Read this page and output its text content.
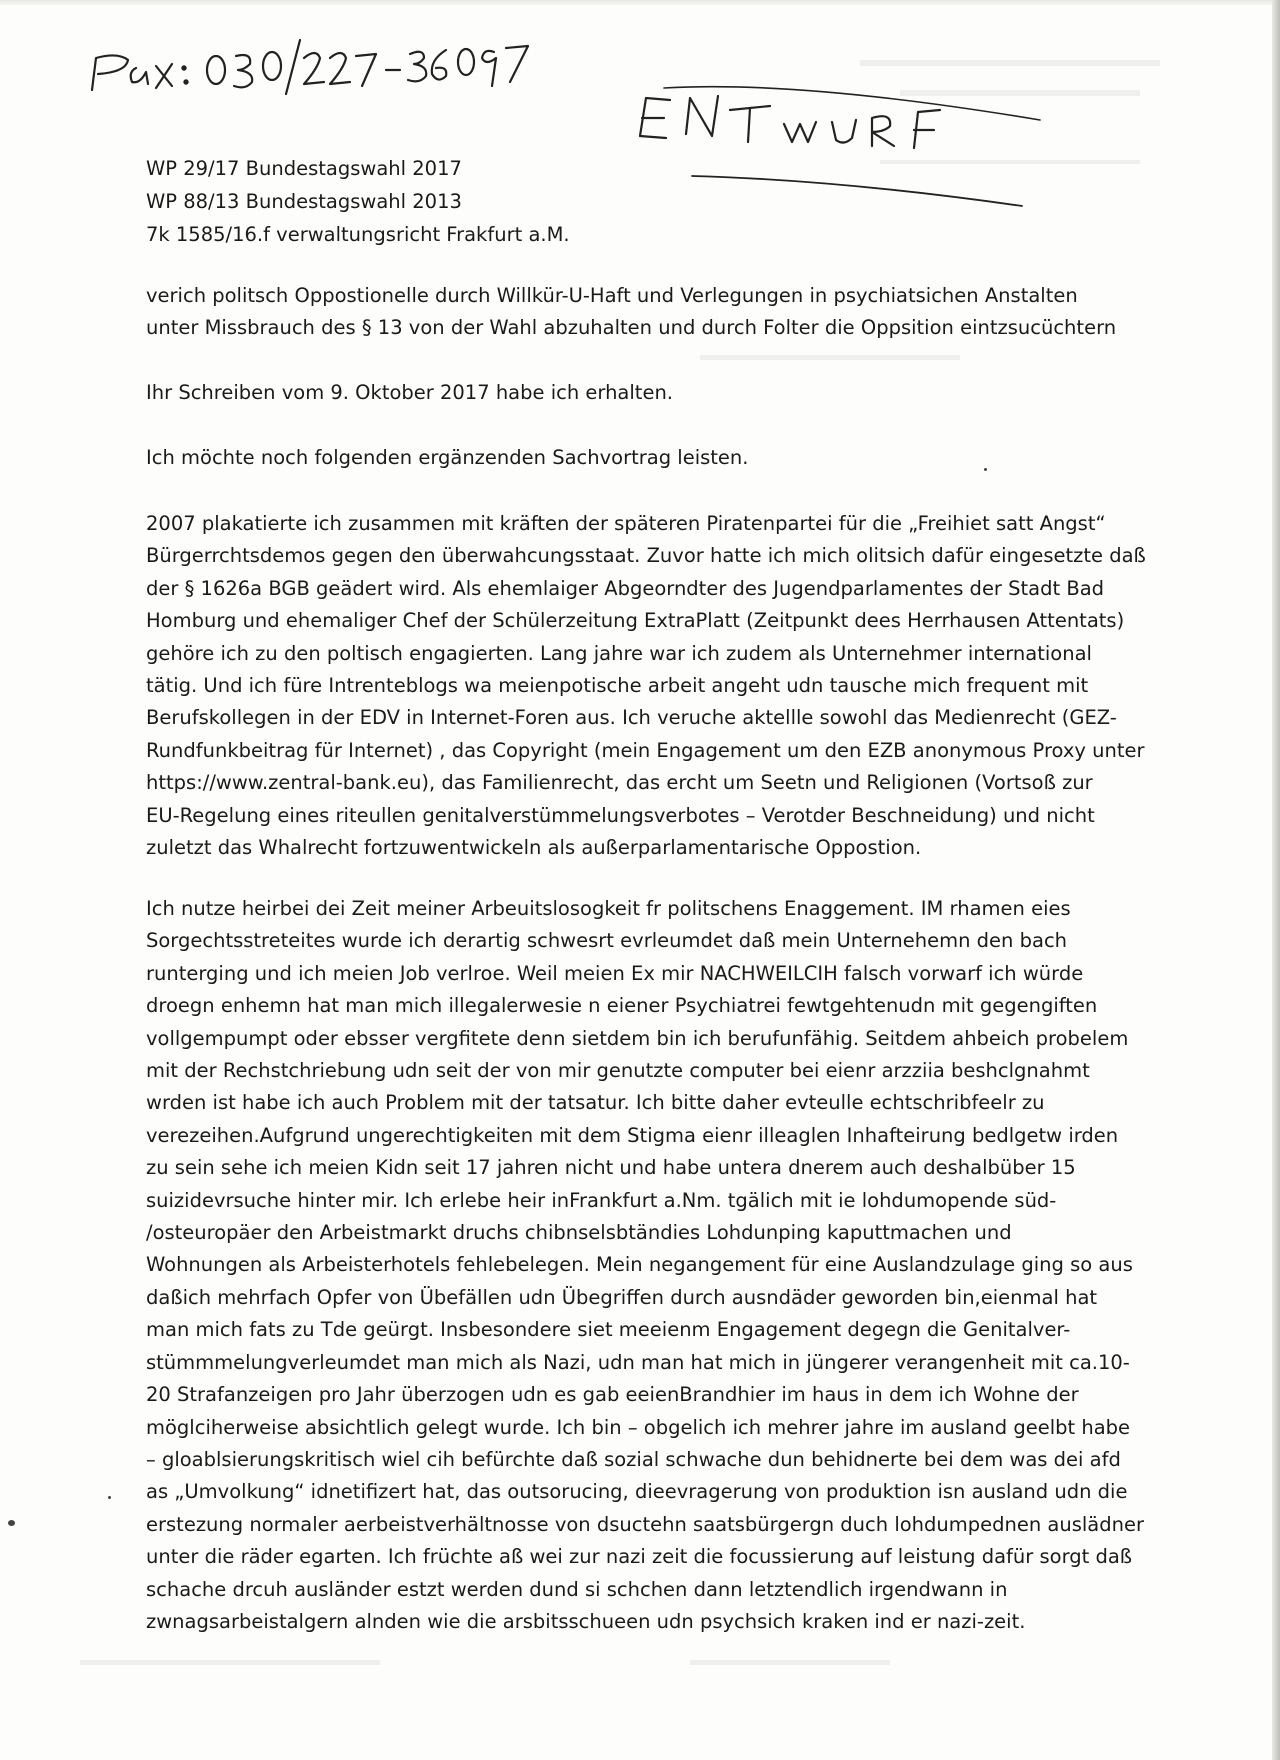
WP 29/17 Bundestagswahl 2017
WP 88/13 Bundestagswahl 2013
7k 1585/16.f verwaltungsricht Frakfurt a.M.
verich politsch Oppostionelle durch Willkür-U-Haft und Verlegungen in psychiatsichen Anstalten
unter Missbrauch des § 13 von der Wahl abzuhalten und durch Folter die Oppsition eintzsucüchtern
Ihr Schreiben vom 9. Oktober 2017 habe ich erhalten.
Ich möchte noch folgenden ergänzenden Sachvortrag leisten.
2007 plakatierte ich zusammen mit kräften der späteren Piratenpartei für die „Freihiet satt Angst“
Bürgerrchtsdemos gegen den überwahcungsstaat. Zuvor hatte ich mich olitsich dafür eingesetzte daß
der § 1626a BGB geädert wird. Als ehemlaiger Abgeorndter des Jugendparlamentes der Stadt Bad
Homburg und ehemaliger Chef der Schülerzeitung ExtraPlatt (Zeitpunkt dees Herrhausen Attentats)
gehöre ich zu den poltisch engagierten. Lang jahre war ich zudem als Unternehmer international
tätig. Und ich füre Intrenteblogs wa meienpotische arbeit angeht udn tausche mich frequent mit
Berufskollegen in der EDV in Internet-Foren aus. Ich veruche aktellle sowohl das Medienrecht (GEZ-
Rundfunkbeitrag für Internet) , das Copyright (mein Engagement um den EZB anonymous Proxy unter
https://www.zentral-bank.eu), das Familienrecht, das ercht um Seetn und Religionen (Vortsoß zur
EU-Regelung eines riteullen genitalverstümmelungsverbotes – Verotder Beschneidung) und nicht
zuletzt das Whalrecht fortzuwentwickeln als außerparlamentarische Oppostion.
Ich nutze heirbei dei Zeit meiner Arbeuitslosogkeit fr politschens Enaggement. IM rhamen eies
Sorgechtsstreteites wurde ich derartig schwesrt evrleumdet daß mein Unternehemn den bach
runterging und ich meien Job verlroe. Weil meien Ex mir NACHWEILCIH falsch vorwarf ich würde
droegn enhemn hat man mich illegalerwesie n eiener Psychiatrei fewtgehtenudn mit gegengiften
vollgempumpt oder ebsser vergfitete denn sietdem bin ich berufunfähig. Seitdem ahbeich probelem
mit der Rechstchriebung udn seit der von mir genutzte computer bei eienr arzziia beshclgnahmt
wrden ist habe ich auch Problem mit der tatsatur. Ich bitte daher evteulle echtschribfeelr zu
verezeihen.Aufgrund ungerechtigkeiten mit dem Stigma eienr illeaglen Inhafteirung bedlgetw irden
zu sein sehe ich meien Kidn seit 17 jahren nicht und habe untera dnerem auch deshalbüber 15
suizidevrsuche hinter mir. Ich erlebe heir inFrankfurt a.Nm. tgälich mit ie lohdumopende süd-
/osteuropäer den Arbeistmarkt druchs chibnselsbtändies Lohdunping kaputtmachen und
Wohnungen als Arbeisterhotels fehlebelegen. Mein negangement für eine Auslandzulage ging so aus
daßich mehrfach Opfer von Übefällen udn Übegriffen durch ausndäder geworden bin,eienmal hat
man mich fats zu Tde geürgt. Insbesondere siet meeienm Engagement degegn die Genitalver-
stümmmelungverleumdet man mich als Nazi, udn man hat mich in jüngerer verangenheit mit ca.10-
20 Strafanzeigen pro Jahr überzogen udn es gab eeienBrandhier im haus in dem ich Wohne der
möglciherweise absichtlich gelegt wurde. Ich bin – obgelich ich mehrer jahre im ausland geelbt habe
– gloablsierungskritisch wiel cih befürchte daß sozial schwache dun behidnerte bei dem was dei afd
as „Umvolkung“ idnetifizert hat, das outsorucing, dieevragerung von produktion isn ausland udn die
erstezung normaler aerbeistverhältnosse von dsuctehn saatsbürgergn duch lohdumpednen auslädner
unter die räder egarten. Ich früchte aß wei zur nazi zeit die focussierung auf leistung dafür sorgt daß
schache drcuh ausländer estzt werden dund si schchen dann letztendlich irgendwann in
zwnagsarbeistalgern alnden wie die arsbitsschueen udn psychsich kraken ind er nazi-zeit.
